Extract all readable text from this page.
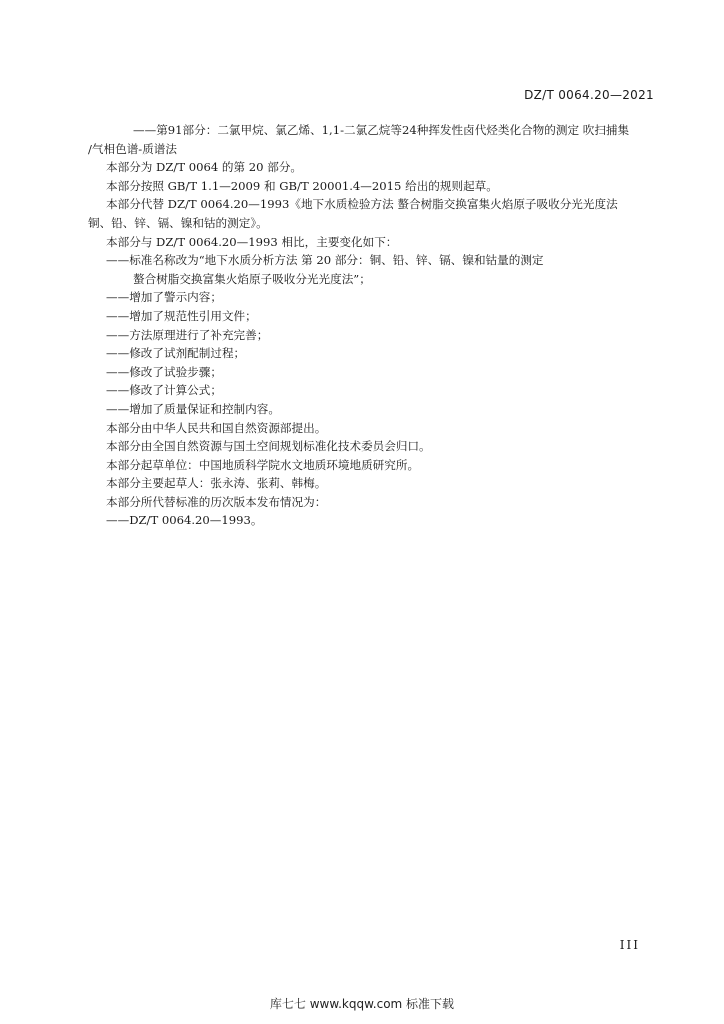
DZ/T 0064.20—2021
——第91部分：二氯甲烷、氯乙烯、1,1-二氯乙烷等24种挥发性卤代烃类化合物的测定 吹扫捕集
/气相色谱-质谱法
本部分为 DZ/T 0064 的第 20 部分。
本部分按照 GB/T 1.1—2009 和 GB/T 20001.4—2015 给出的规则起草。
本部分代替 DZ/T 0064.20—1993《地下水质检验方法 螯合树脂交换富集火焰原子吸收分光光度法
铜、铅、锌、镉、镍和钴的测定》。
本部分与 DZ/T 0064.20—1993 相比，主要变化如下：
——标准名称改为“地下水质分析方法 第 20 部分：铜、铅、锌、镉、镍和钴量的测定
螯合树脂交换富集火焰原子吸收分光光度法”；
——增加了警示内容；
——增加了规范性引用文件；
——方法原理进行了补充完善；
——修改了试剂配制过程；
——修改了试验步骤；
——修改了计算公式；
——增加了质量保证和控制内容。
本部分由中华人民共和国自然资源部提出。
本部分由全国自然资源与国土空间规划标准化技术委员会归口。
本部分起草单位：中国地质科学院水文地质环境地质研究所。
本部分主要起草人：张永涛、张莉、韩梅。
本部分所代替标准的历次版本发布情况为：
——DZ/T 0064.20—1993。
III
库七七 www.kqqw.com 标准下载
